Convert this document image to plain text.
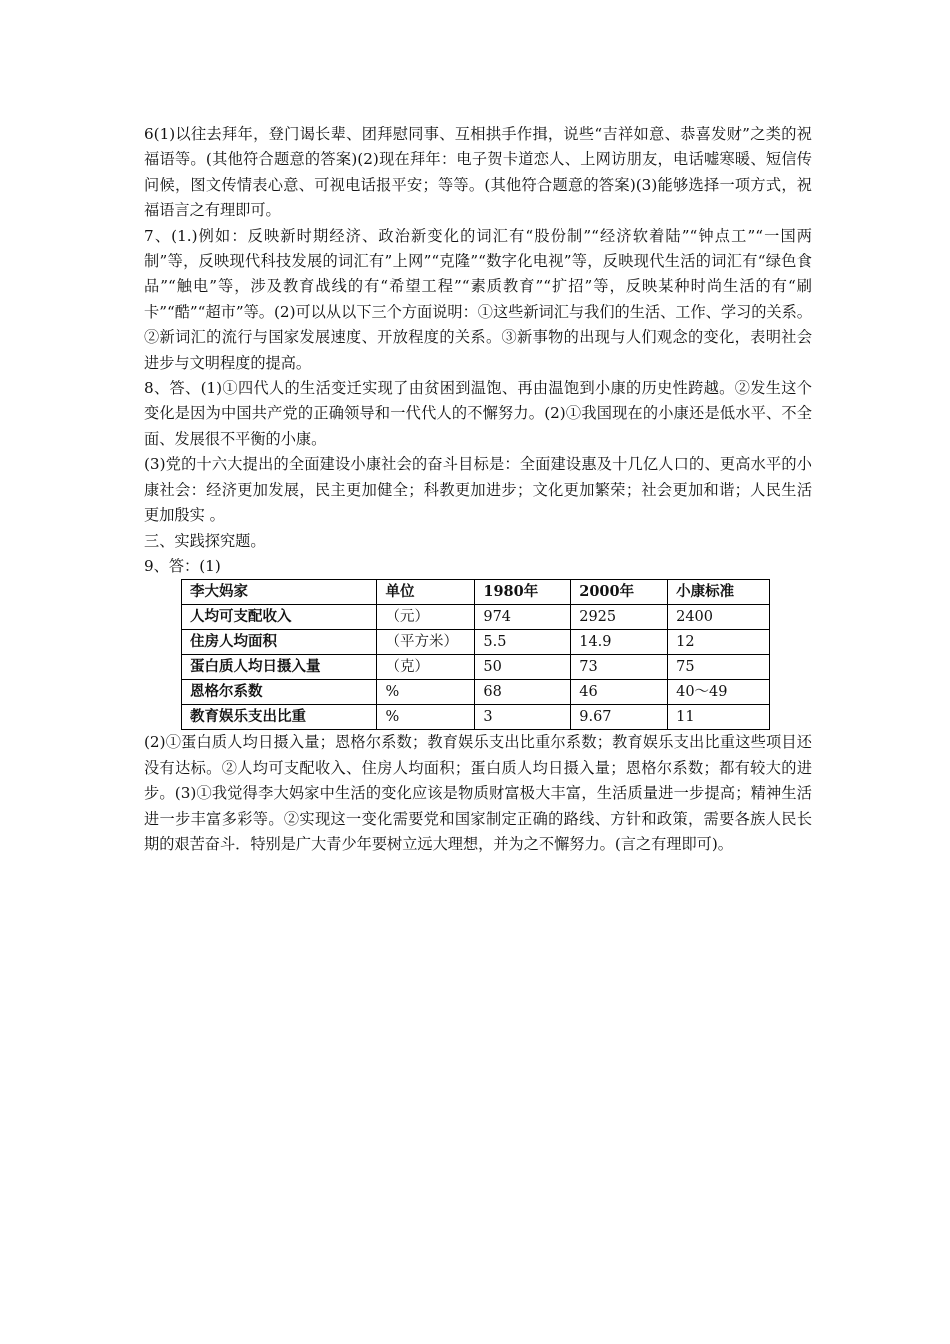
6(1)以往去拜年，登门谒长辈、团拜慰同事、互相拱手作揖，说些“吉祥如意、恭喜发财”之类的祝福语等。(其他符合题意的答案)(2)现在拜年：电子贺卡道恋人、上网访朋友，电话嘘寒暖、短信传问候，图文传情表心意、可视电话报平安；等等。(其他符合题意的答案)(3)能够选择一项方式，祝福语言之有理即可。

7、(1.)例如：反映新时期经济、政治新变化的词汇有“股份制”“经济软着陆”“钟点工”“一国两制”等，反映现代科技发展的词汇有”上网”“克隆”“数字化电视”等，反映现代生活的词汇有“绿色食品”“触电”等，涉及教育战线的有“希望工程”“素质教育”“扩招”等，反映某种时尚生活的有“刷卡”“酷”“超市”等。(2)可以从以下三个方面说明：①这些新词汇与我们的生活、工作、学习的关系。②新词汇的流行与国家发展速度、开放程度的关系。③新事物的出现与人们观念的变化，表明社会进步与文明程度的提高。

8、答、(1)①四代人的生活变迁实现了由贫困到温饱、再由温饱到小康的历史性跨越。②发生这个变化是因为中国共产党的正确领导和一代代人的不懈努力。(2)①我国现在的小康还是低水平、不全面、发展很不平衡的小康。

(3)党的十六大提出的全面建设小康社会的奋斗目标是：全面建设惠及十几亿人口的、更高水平的小康社会：经济更加发展，民主更加健全；科教更加进步；文化更加繁荣；社会更加和谐；人民生活更加殷实 。

三、实践探究题。

9、答：(1)

李大妈家	单位	1980年	2000年	小康标准
人均可支配收入	（元）	974	2925	2400
住房人均面积	（平方米）	5.5	14.9	12
蛋白质人均日摄入量	（克）	50	73	75
恩格尔系数	%	68	46	40～49
教育娱乐支出比重	%	3	9.67	11

(2)①蛋白质人均日摄入量；恩格尔系数；教育娱乐支出比重尔系数；教育娱乐支出比重这些项目还没有达标。②人均可支配收入、住房人均面积；蛋白质人均日摄入量；恩格尔系数；都有较大的进步。(3)①我觉得李大妈家中生活的变化应该是物质财富极大丰富，生活质量进一步提高；精神生活进一步丰富多彩等。②实现这一变化需要党和国家制定正确的路线、方针和政策，需要各族人民长期的艰苦奋斗．特别是广大青少年要树立远大理想，并为之不懈努力。(言之有理即可)。
